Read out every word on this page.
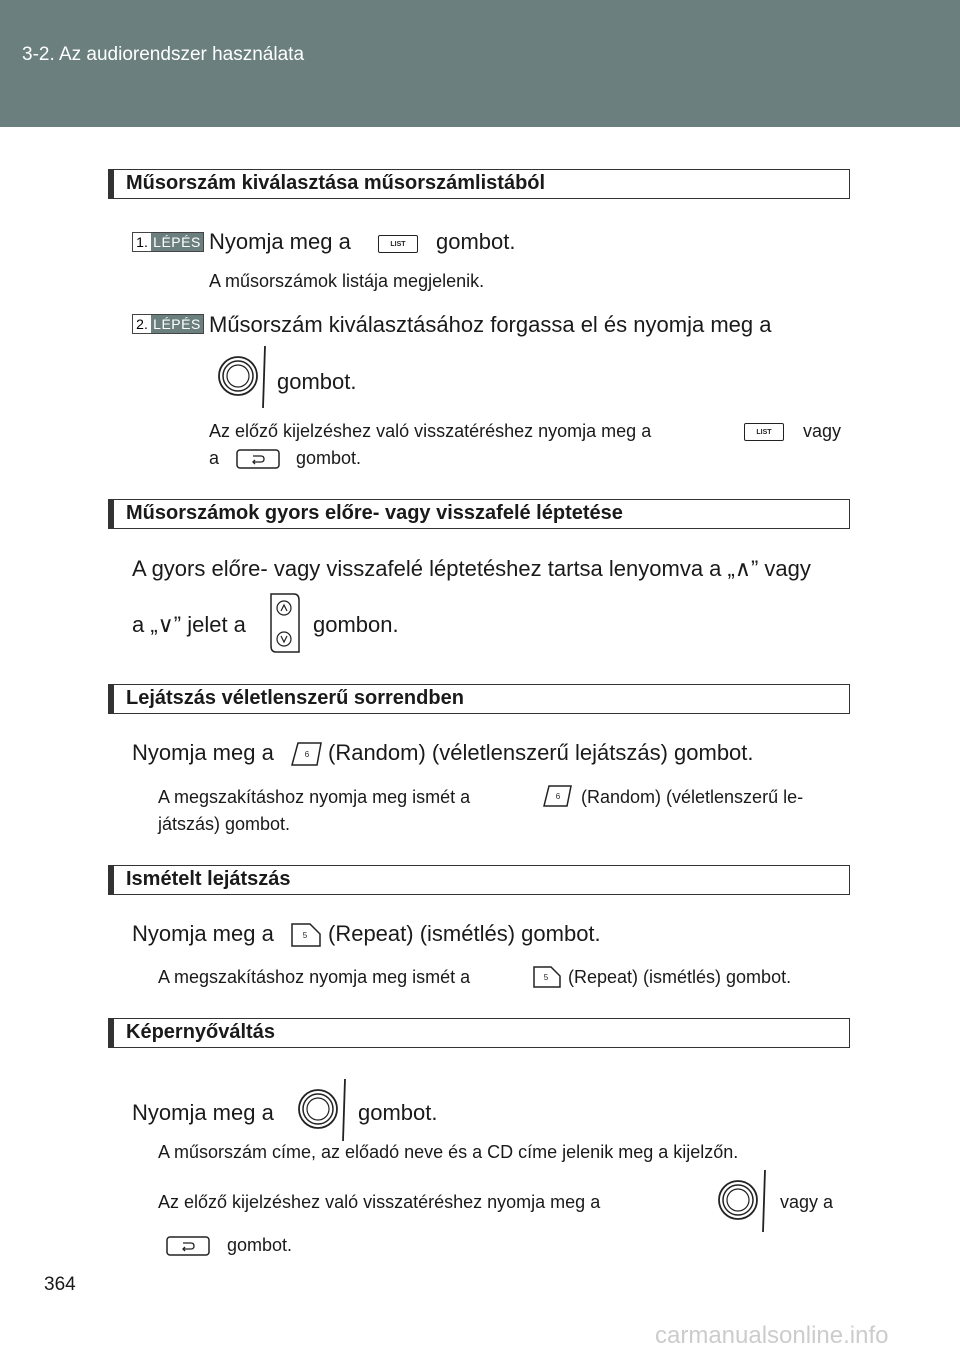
3-2. Az audiorendszer használata
Műsorszám kiválasztása műsorszámlistából
1. LÉPÉS Nyomja meg a	LIST	gombot.
A műsorszámok listája megjelenik.
2. LÉPÉS Műsorszám kiválasztásához forgassa el és nyomja meg a
gombot.
Az előző kijelzéshez való visszatéréshez nyomja meg a	LIST	vagy
a	gombot.
Műsorszámok gyors előre- vagy visszafelé léptetése
A gyors előre- vagy visszafelé léptetéshez tartsa lenyomva a „∧” vagy
a „∨” jelet a	gombon.
Lejátszás véletlenszerű sorrendben
Nyomja meg a	6 (Random) (véletlenszerű lejátszás) gombot.
A megszakításhoz nyomja meg ismét a	6 (Random) (véletlenszerű le-
játszás) gombot.
Ismételt lejátszás
Nyomja meg a	5 (Repeat) (ismétlés) gombot.
A megszakításhoz nyomja meg ismét a	5 (Repeat) (ismétlés) gombot.
Képernyőváltás
Nyomja meg a	gombot.
A műsorszám címe, az előadó neve és a CD címe jelenik meg a kijelzőn.
Az előző kijelzéshez való visszatéréshez nyomja meg a	vagy a
gombot.
364
carmanualsonline.info
